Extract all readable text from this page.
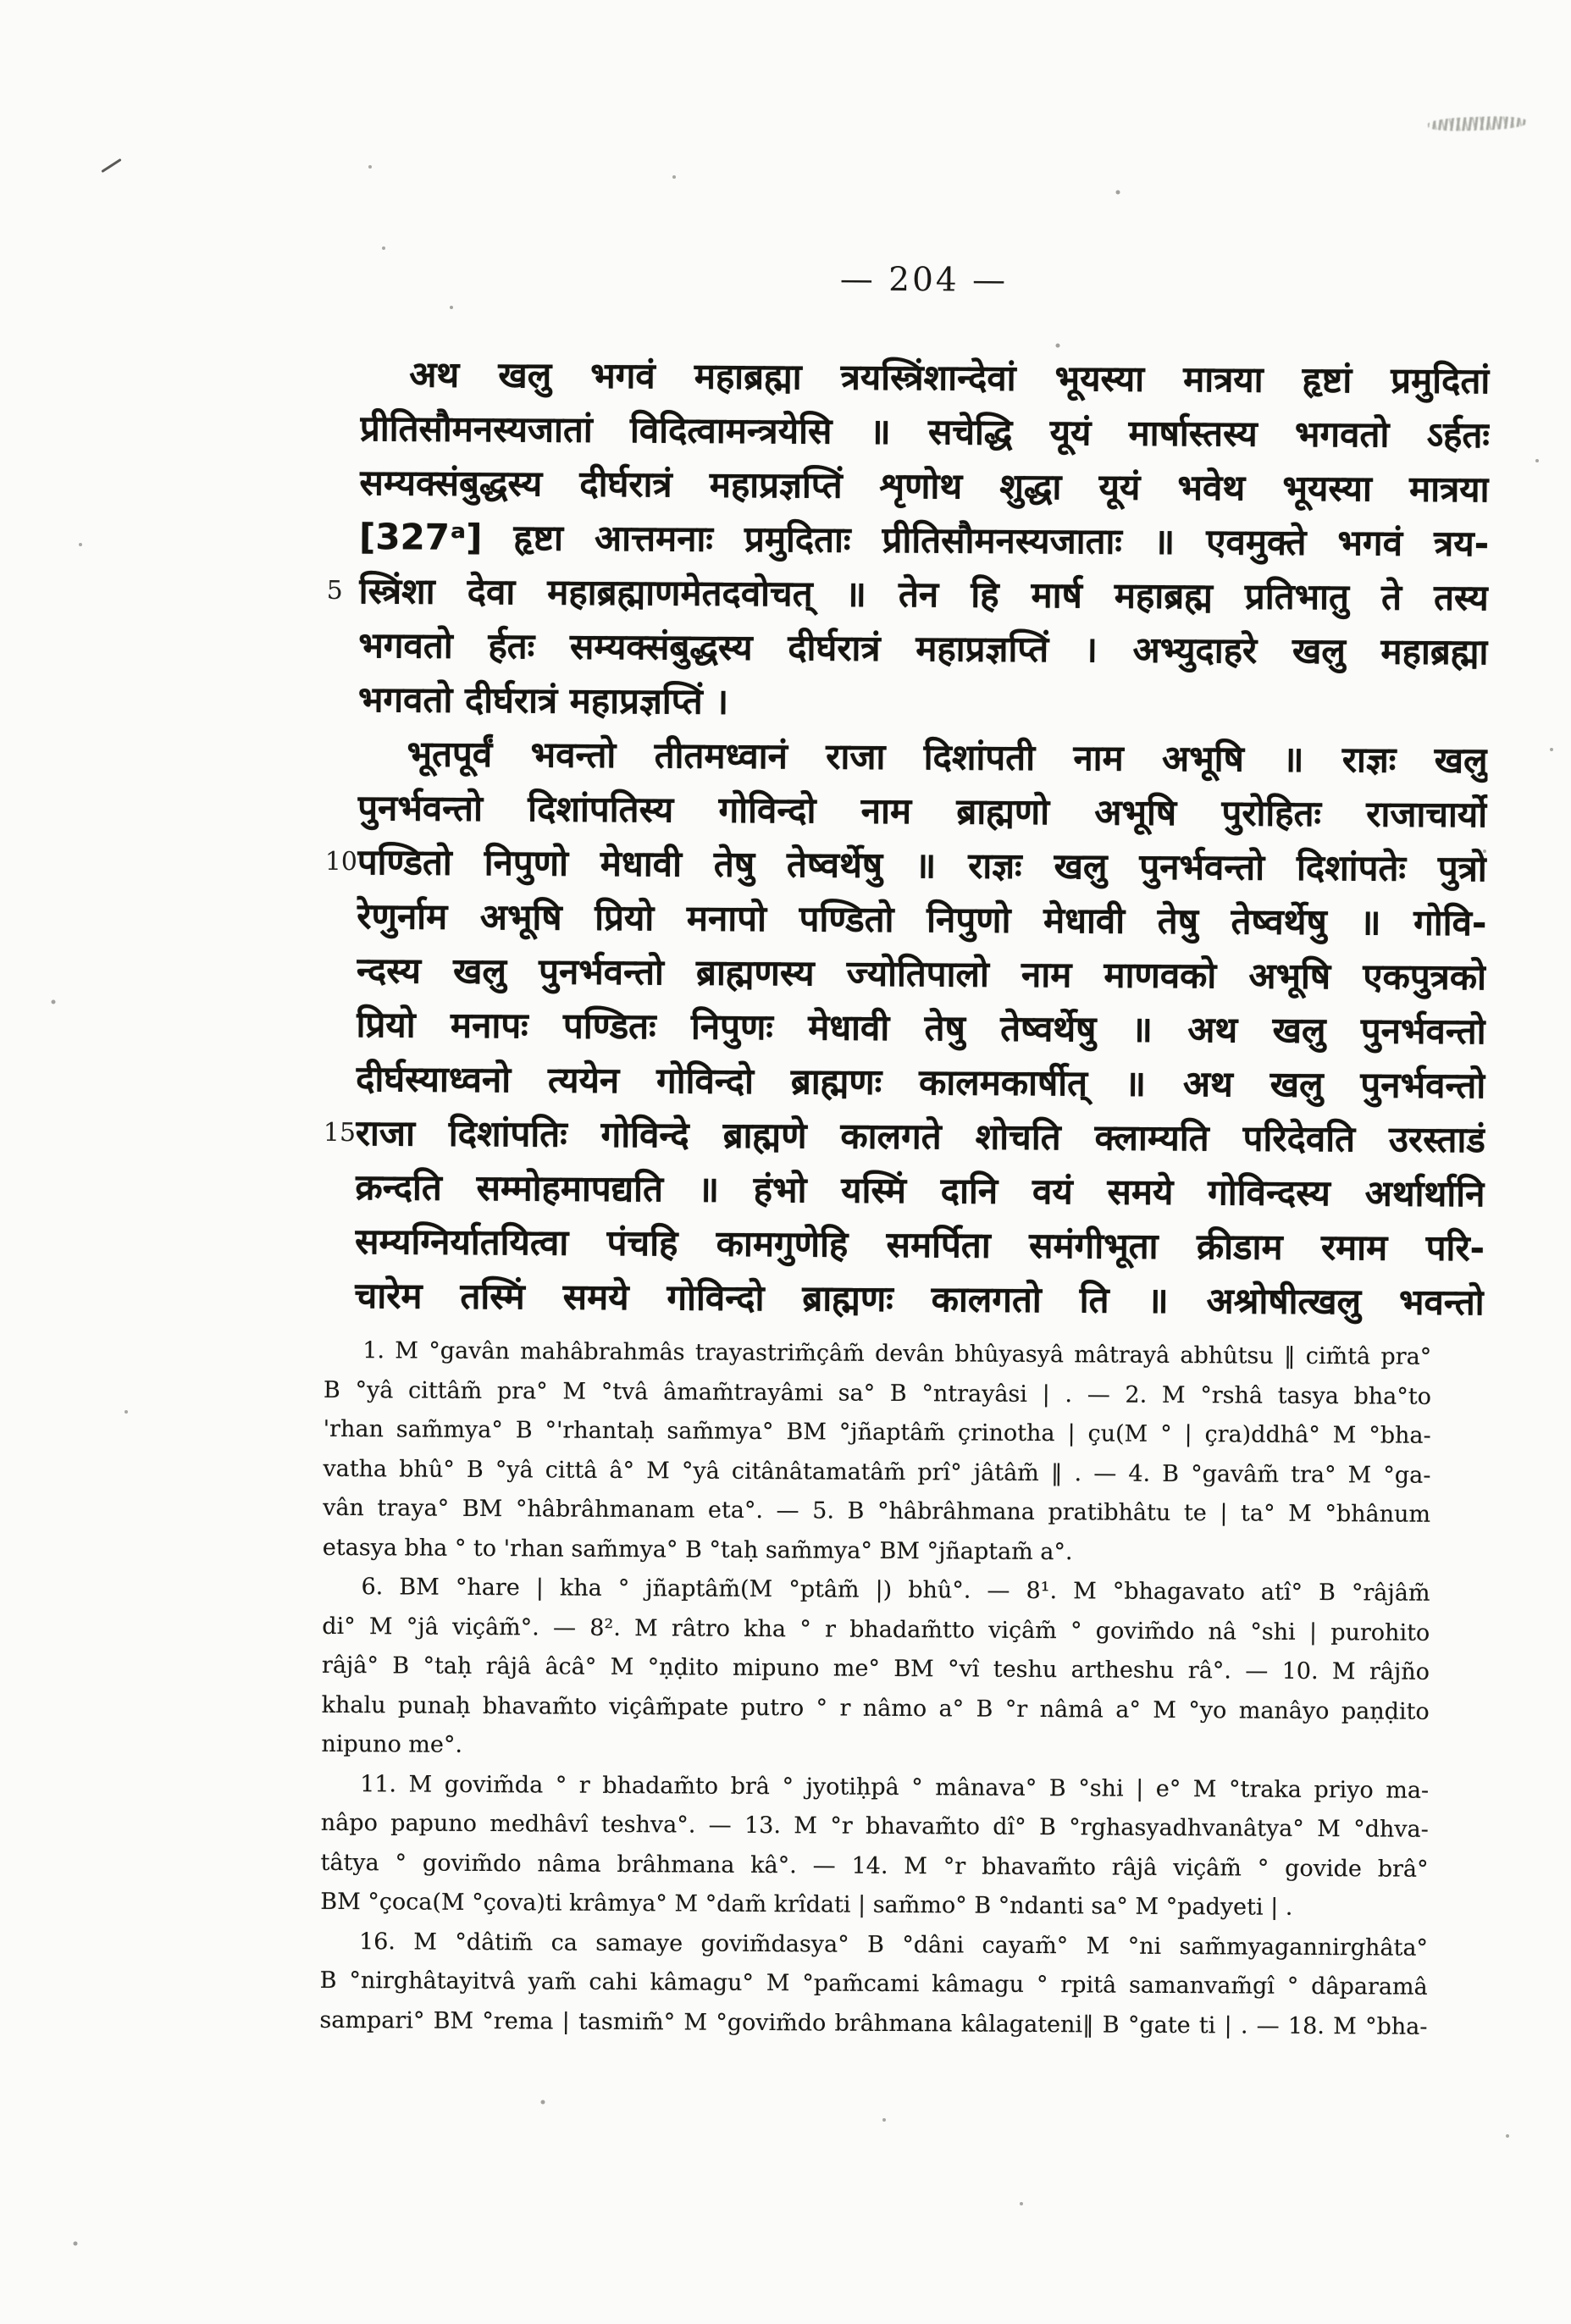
— 204 —
अथ खलु भगवं महाब्रह्मा त्रयस्त्रिंशान्देवां भूयस्या मात्रया हृष्टां प्रमुदितां
प्रीतिसौमनस्यजातां विदित्वामन्त्रयेसि ॥ सचेद्धि यूयं मार्षास्तस्य भगवतो ऽर्हतः
सम्यक्संबुद्धस्य दीर्घरात्रं महाप्रज्ञप्तिं शृणोथ शुद्धा यूयं भवेथ भूयस्या मात्रया
[327ᵃ] हृष्टा आत्तमनाः प्रमुदिताः प्रीतिसौमनस्यजाताः ॥ एवमुक्ते भगवं त्रय-
5 स्त्रिंशा देवा महाब्रह्माणमेतदवोचत् ॥ तेन हि मार्ष महाब्रह्म प्रतिभातु ते तस्य
भगवतो र्हतः सम्यक्संबुद्धस्य दीर्घरात्रं महाप्रज्ञप्तिं । अभ्युदाहरे खलु महाब्रह्मा
भगवतो दीर्घरात्रं महाप्रज्ञप्तिं ।
भूतपूर्वं भवन्तो तीतमध्वानं राजा दिशांपती नाम अभूषि ॥ राज्ञः खलु
पुनर्भवन्तो दिशांपतिस्य गोविन्दो नाम ब्राह्मणो अभूषि पुरोहितः राजाचार्यो
10 पण्डितो निपुणो मेधावी तेषु तेष्वर्थेषु ॥ राज्ञः खलु पुनर्भवन्तो दिशांपतेः पुत्रो
रेणुर्नाम अभूषि प्रियो मनापो पण्डितो निपुणो मेधावी तेषु तेष्वर्थेषु ॥ गोवि-
न्दस्य खलु पुनर्भवन्तो ब्राह्मणस्य ज्योतिपालो नाम माणवको अभूषि एकपुत्रको
प्रियो मनापः पण्डितः निपुणः मेधावी तेषु तेष्वर्थेषु ॥ अथ खलु पुनर्भवन्तो
दीर्घस्याध्वनो त्ययेन गोविन्दो ब्राह्मणः कालमकार्षीत् ॥ अथ खलु पुनर्भवन्तो
15 राजा दिशांपतिः गोविन्दे ब्राह्मणे कालगते शोचति क्लाम्यति परिदेवति उरस्ताडं
क्रन्दति सम्मोहमापद्यति ॥ हंभो यस्मिं दानि वयं समये गोविन्दस्य अर्थार्थानि
सम्यग्निर्यातयित्वा पंचहि कामगुणेहि समर्पिता समंगीभूता क्रीडाम रमाम परि-
चारेम तस्मिं समये गोविन्दो ब्राह्मणः कालगतो ति ॥ अश्रोषीत्खलु भवन्तो
1. M °gavân mahâbrahmâs trayastrim̃çâm̃ devân bhûyasyâ mâtrayâ abhûtsu ‖ cim̃tâ pra°
B °yâ cittâm̃ pra° M °tvâ âmam̃trayâmi sa° B °ntrayâsi | . — 2. M °rshâ tasya bha°to
'rhan sam̃mya° B °'rhantaḥ sam̃mya° BM °jñaptâm̃ çrinotha | çu(M ° | çra)ddhâ° M °bha-
vatha bhû° B °yâ cittâ â° M °yâ citânâtamatâm̃ prî° jâtâm̃ ‖ . — 4. B °gavâm̃ tra° M °ga-
vân traya° BM °hâbrâhmanam eta°. — 5. B °hâbrâhmana pratibhâtu te | ta° M °bhânum
etasya bha ° to 'rhan sam̃mya° B °taḥ sam̃mya° BM °jñaptam̃ a°.
6. BM °hare | kha ° jñaptâm̃(M °ptâm̃ |) bhû°. — 8¹. M °bhagavato atî° B °râjâm̃
di° M °jâ viçâm̃°. — 8². M râtro kha ° r bhadam̃tto viçâm̃ ° govim̃do nâ °shi | purohito
râjâ° B °taḥ râjâ âcâ° M °ṇḍito mipuno me° BM °vî teshu artheshu râ°. — 10. M râjño
khalu punaḥ bhavam̃to viçâm̃pate putro ° r nâmo a° B °r nâmâ a° M °yo manâyo paṇḍito
nipuno me°.
11. M govim̃da ° r bhadam̃to brâ ° jyotiḥpâ ° mânava° B °shi | e° M °traka priyo ma-
nâpo papuno medhâvî teshva°. — 13. M °r bhavam̃to dî° B °rghasyadhvanâtya° M °dhva-
tâtya ° govim̃do nâma brâhmana kâ°. — 14. M °r bhavam̃to râjâ viçâm̃ ° govide brâ°
BM °çoca(M °çova)ti krâmya° M °dam̃ krîdati | sam̃mo° B °ndanti sa° M °padyeti | .
16. M °dâtim̃ ca samaye govim̃dasya° B °dâni cayam̃° M °ni sam̃myagannirghâta°
B °nirghâtayitvâ yam̃ cahi kâmagu° M °pam̃cami kâmagu ° rpitâ samanvam̃gî ° dâparamâ
sampari° BM °rema | tasmim̃° M °govim̃do brâhmana kâlagateni‖ B °gate ti | . — 18. M °bha-
